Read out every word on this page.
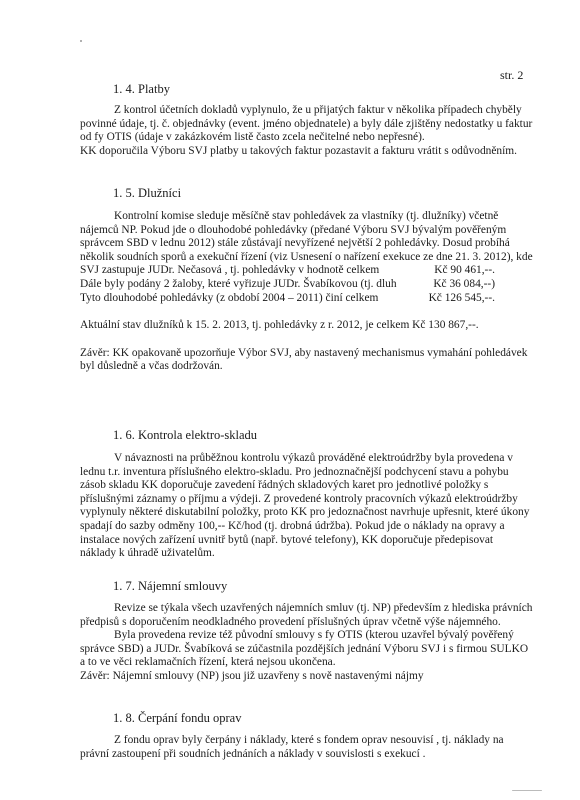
str. 2
1. 4. Platby

Z kontrol účetních dokladů vyplynulo, že u přijatých faktur v několika případech chyběly
povinné údaje, tj. č. objednávky (event. jméno objednatele) a byly dále zjištěny nedostatky u faktur
od fy OTIS (údaje v zakázkovém listě často zcela nečitelné nebo nepřesné).
KK doporučila Výboru SVJ platby u takových faktur pozastavit a fakturu vrátit s odůvodněním.

1. 5. Dlužníci

Kontrolní komise sleduje měsíčně stav pohledávek za vlastníky (tj. dlužníky) včetně
nájemců NP. Pokud jde o dlouhodobé pohledávky (předané Výboru SVJ bývalým pověřeným
správcem SBD v lednu 2012) stále zůstávají nevyřízené největší 2 pohledávky. Dosud probíhá
několik soudních sporů a exekuční řízení (viz Usnesení o nařízení exekuce ze dne 21. 3. 2012), kde
SVJ zastupuje JUDr. Nečasová , tj. pohledávky v hodnotě celkem	Kč 90 461,--.
Dále byly podány 2 žaloby, které vyřizuje JUDr. Švabíkovou (tj. dluh	Kč 36 084,--)
Tyto dlouhodobé pohledávky (z období 2004 – 2011) činí celkem	Kč 126 545,--.

Aktuální stav dlužníků k 15. 2. 2013, tj. pohledávky z r. 2012, je celkem Kč 130 867,--.

Závěr: KK opakovaně upozorňuje Výbor SVJ, aby nastavený mechanismus vymahání pohledávek
byl důsledně a včas dodržován.

1. 6. Kontrola elektro-skladu

V návaznosti na průběžnou kontrolu výkazů prováděné elektroúdržby byla provedena v
lednu t.r. inventura příslušného elektro-skladu. Pro jednoznačnější podchycení stavu a pohybu
zásob skladu KK doporučuje zavedení řádných skladových karet pro jednotlivé položky s
příslušnými záznamy o příjmu a výdeji. Z provedené kontroly pracovních výkazů elektroúdržby
vyplynuly některé diskutabilní položky, proto KK pro jedoznačnost navrhuje upřesnit, které úkony
spadají do sazby odměny 100,-- Kč/hod (tj. drobná údržba). Pokud jde o náklady na opravy a
instalace nových zařízení uvnitř bytů (např. bytové telefony), KK doporučuje předepisovat
náklady k úhradě uživatelům.

1. 7. Nájemní smlouvy

Revize se týkala všech uzavřených nájemních smluv (tj. NP) především z hlediska právních
předpisů s doporučením neodkladného provedení příslušných úprav včetně výše nájemného.
Byla provedena revize též původní smlouvy s fy OTIS (kterou uzavřel bývalý pověřený
správce SBD) a JUDr. Švabíková se zúčastnila pozdějších jednání Výboru SVJ i s firmou SULKO
a to ve věci reklamačních řízení, která nejsou ukončena.
Závěr: Nájemní smlouvy (NP) jsou již uzavřeny s nově nastavenými nájmy

1. 8. Čerpání fondu oprav

Z fondu oprav byly čerpány i náklady, které s fondem oprav nesouvisí , tj. náklady na
právní zastoupení při soudních jednáních a náklady v souvislosti s exekucí .
